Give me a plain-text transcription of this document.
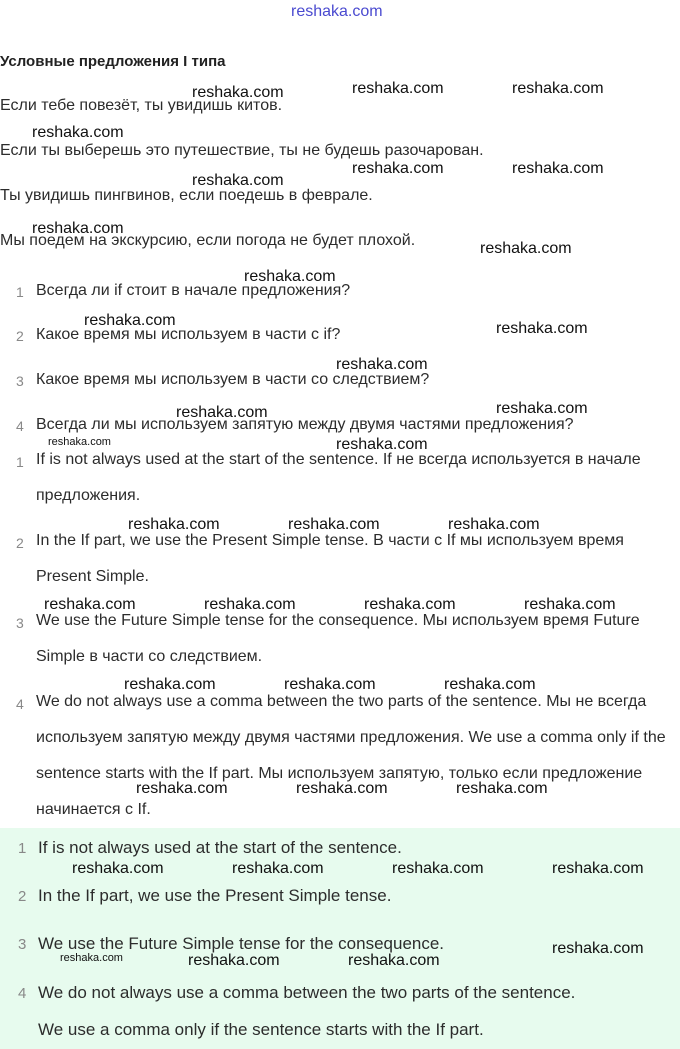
reshaka.com
Условные предложения I типа
Если тебе повезёт, ты увидишь китов.
Если ты выберешь это путешествие, ты не будешь разочарован.
Ты увидишь пингвинов, если поедешь в феврале.
Мы поедем на экскурсию, если погода не будет плохой.
1 Всегда ли if стоит в начале предложения?
2 Какое время мы используем в части с if?
3 Какое время мы используем в части со следствием?
4 Всегда ли мы используем запятую между двумя частями предложения?
1 If is not always used at the start of the sentence. If не всегда используется в начале предложения.
2 In the If part, we use the Present Simple tense. В части с If мы используем время Present Simple.
3 We use the Future Simple tense for the consequence. Мы используем время Future Simple в части со следствием.
4 We do not always use a comma between the two parts of the sentence. Мы не всегда используем запятую между двумя частями предложения. We use a comma only if the sentence starts with the If part. Мы используем запятую, только если предложение начинается с If.
1 If is not always used at the start of the sentence.
2 In the If part, we use the Present Simple tense.
3 We use the Future Simple tense for the consequence.
4 We do not always use a comma between the two parts of the sentence.
We use a comma only if the sentence starts with the If part.
reshaka.com	reshaka.com	reshaka.com
reshaka.com
reshaka.com	reshaka.com
reshaka.com
reshaka.com
reshaka.com
reshaka.com
reshaka.com	reshaka.com
reshaka.com
reshaka.com	reshaka.com
reshaka.com	reshaka.com
reshaka.com	reshaka.com	reshaka.com
reshaka.com	reshaka.com	reshaka.com	reshaka.com
reshaka.com	reshaka.com	reshaka.com
reshaka.com	reshaka.com	reshaka.com
reshaka.com	reshaka.com	reshaka.com	reshaka.com
reshaka.com
reshaka.com	reshaka.com	reshaka.com
